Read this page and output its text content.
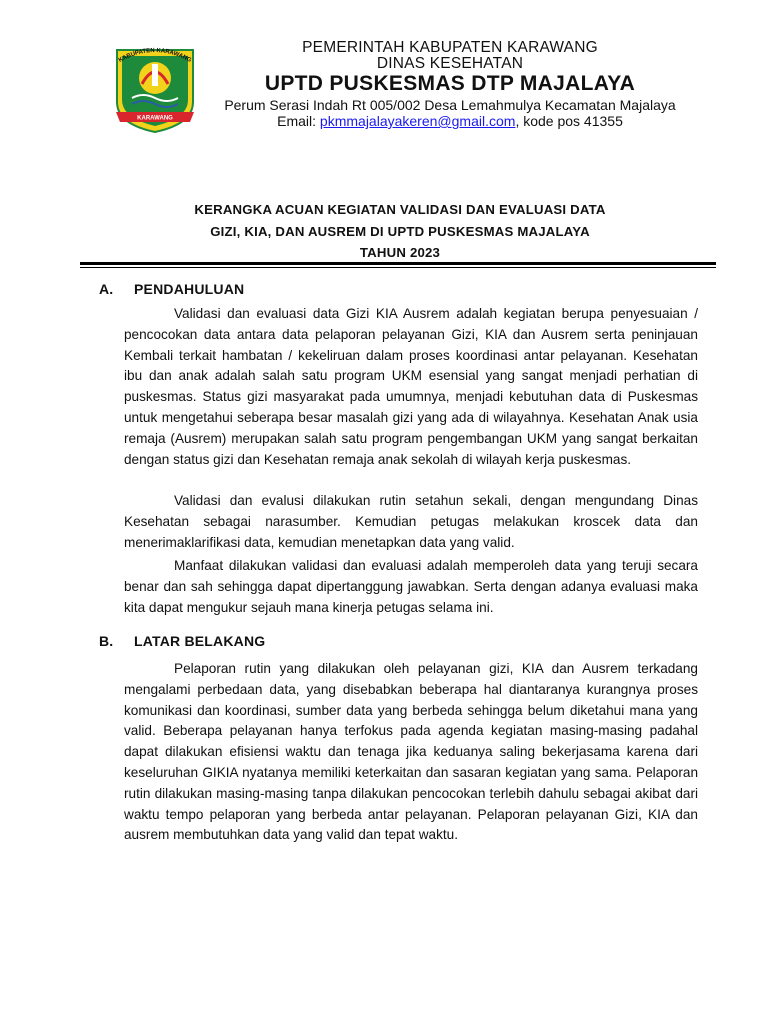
KABUPATEN KARAWANG
KARAWANG
PEMERINTAH KABUPATEN KARAWANG
DINAS KESEHATAN
UPTD PUSKESMAS DTP MAJALAYA
Perum Serasi Indah Rt 005/002 Desa Lemahmulya Kecamatan Majalaya
Email: pkmmajalayakeren@gmail.com, kode pos 41355
KERANGKA ACUAN KEGIATAN VALIDASI DAN EVALUASI DATA
GIZI, KIA, DAN AUSREM DI UPTD PUSKESMAS MAJALAYA
TAHUN 2023
A. PENDAHULUAN

Validasi dan evaluasi data Gizi KIA Ausrem adalah kegiatan berupa penyesuaian / pencocokan data antara data pelaporan pelayanan Gizi, KIA dan Ausrem serta peninjauan Kembali terkait hambatan / kekeliruan dalam proses koordinasi antar pelayanan. Kesehatan ibu dan anak adalah salah satu program UKM esensial yang sangat menjadi perhatian di puskesmas. Status gizi masyarakat pada umumnya, menjadi kebutuhan data di Puskesmas untuk mengetahui seberapa besar masalah gizi yang ada di wilayahnya. Kesehatan Anak usia remaja (Ausrem) merupakan salah satu program pengembangan UKM yang sangat berkaitan dengan status gizi dan Kesehatan remaja anak sekolah di wilayah kerja puskesmas.

Validasi dan evalusi dilakukan rutin setahun sekali, dengan mengundang Dinas Kesehatan sebagai narasumber. Kemudian petugas melakukan kroscek data dan menerimaklarifikasi data, kemudian menetapkan data yang valid.

Manfaat dilakukan validasi dan evaluasi adalah memperoleh data yang teruji secara benar dan sah sehingga dapat dipertanggung jawabkan. Serta dengan adanya evaluasi maka kita dapat mengukur sejauh mana kinerja petugas selama ini.

B. LATAR BELAKANG

Pelaporan rutin yang dilakukan oleh pelayanan gizi, KIA dan Ausrem terkadang mengalami perbedaan data, yang disebabkan beberapa hal diantaranya kurangnya proses komunikasi dan koordinasi, sumber data yang berbeda sehingga belum diketahui mana yang valid. Beberapa pelayanan hanya terfokus pada agenda kegiatan masing-masing padahal dapat dilakukan efisiensi waktu dan tenaga jika keduanya saling bekerjasama karena dari keseluruhan GIKIA nyatanya memiliki keterkaitan dan sasaran kegiatan yang sama. Pelaporan rutin dilakukan masing-masing tanpa dilakukan pencocokan terlebih dahulu sebagai akibat dari waktu tempo pelaporan yang berbeda antar pelayanan. Pelaporan pelayanan Gizi, KIA dan ausrem membutuhkan data yang valid dan tepat waktu.
